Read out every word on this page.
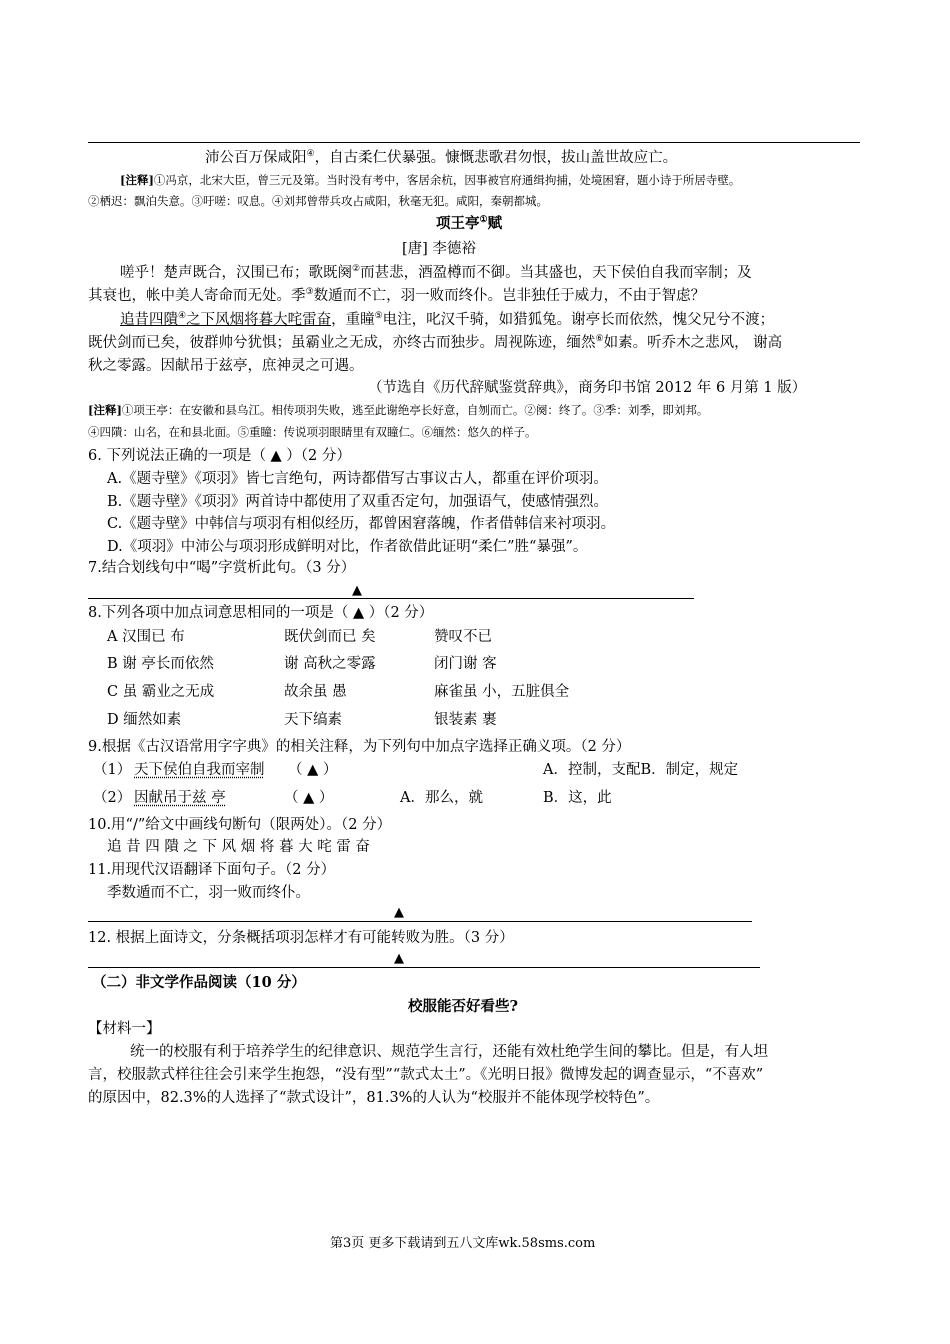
沛公百万保咸阳④，自古柔仁伏暴强。慷慨悲歌君勿恨，拔山盖世故应亡。
[注释]①冯京，北宋大臣，曾三元及第。当时没有考中，客居余杭，因事被官府通缉拘捕，处境困窘，题小诗于所居寺壁。
②栖迟：飘泊失意。③吁嗟：叹息。④刘邦曾带兵攻占咸阳，秋毫无犯。咸阳，秦朝都城。
项王亭①赋
[唐] 李德裕
嗟乎！楚声既合，汉围已布；歌既阕②而甚悲，酒盈樽而不御。当其盛也，天下侯伯自我而宰制；及
其衰也，帐中美人寄命而无处。季③数遁而不亡，羽一败而终仆。岂非独任于威力，不由于智虑？
追昔四隤④之下风烟将暮大咤雷奋，重瞳⑤电注，叱汉千骑，如猎狐兔。谢亭长而依然，愧父兄兮不渡；
既伏剑而已矣，彼群帅兮犹惧；虽霸业之无成，亦终古而独步。周视陈迹，缅然⑥如素。听乔木之悲风， 谢高
秋之零露。因献吊于兹亭，庶神灵之可遇。
（节选自《历代辞赋鉴赏辞典》，商务印书馆 2012 年 6 月第 1 版）
[注释]①项王亭：在安徽和县乌江。相传项羽失败，逃至此谢绝亭长好意，自刎而亡。②阕：终了。③季：刘季，即刘邦。
④四隤：山名，在和县北面。⑤重瞳：传说项羽眼睛里有双瞳仁。⑥缅然：悠久的样子。
6. 下列说法正确的一项是（ ▲ ）（2 分）
A.《题寺壁》《项羽》皆七言绝句，两诗都借写古事议古人，都重在评价项羽。
B.《题寺壁》《项羽》两首诗中都使用了双重否定句，加强语气，使感情强烈。
C.《题寺壁》中韩信与项羽有相似经历，都曾困窘落魄，作者借韩信来衬项羽。
D.《项羽》中沛公与项羽形成鲜明对比，作者欲借此证明“柔仁”胜“暴强”。
7.结合划线句中“喝”字赏析此句。（3 分）
▲
8.下列各项中加点词意思相同的一项是（ ▲ ）（2 分）
A 汉围已 布	既伏剑而已 矣	赞叹不已
B 谢 亭长而依然	谢 高秋之零露	闭门谢 客
C 虽 霸业之无成	故余虽 愚	麻雀虽 小，五脏俱全
D 缅然如素	天下缟素	银装素 裹
9.根据《古汉语常用字字典》的相关注释，为下列句中加点字选择正确义项。（2 分）
（1） 天下侯伯自我而宰制 （ ▲ ）	A．控制，支配B．制定，规定
（2） 因献吊于兹 亭	（ ▲ ）	A．那么，就	B．这，此
10.用“/”给文中画线句断句（限两处）。（2 分）
追 昔 四 隤 之 下 风 烟 将 暮 大 咤 雷 奋
11.用现代汉语翻译下面句子。（2 分）
季数遁而不亡，羽一败而终仆。
▲
12. 根据上面诗文，分条概括项羽怎样才有可能转败为胜。（3 分）
▲
（二）非文学作品阅读（10 分）
校服能否好看些?
【材料一】
统一的校服有利于培养学生的纪律意识、规范学生言行，还能有效杜绝学生间的攀比。但是，有人坦
言，校服款式样往往会引来学生抱怨，“没有型”“款式太土”。《光明日报》微博发起的调查显示，“不喜欢”
的原因中，82.3%的人选择了“款式设计”，81.3%的人认为“校服并不能体现学校特色”。
第3页 更多下载请到五八文库wk.58sms.com
